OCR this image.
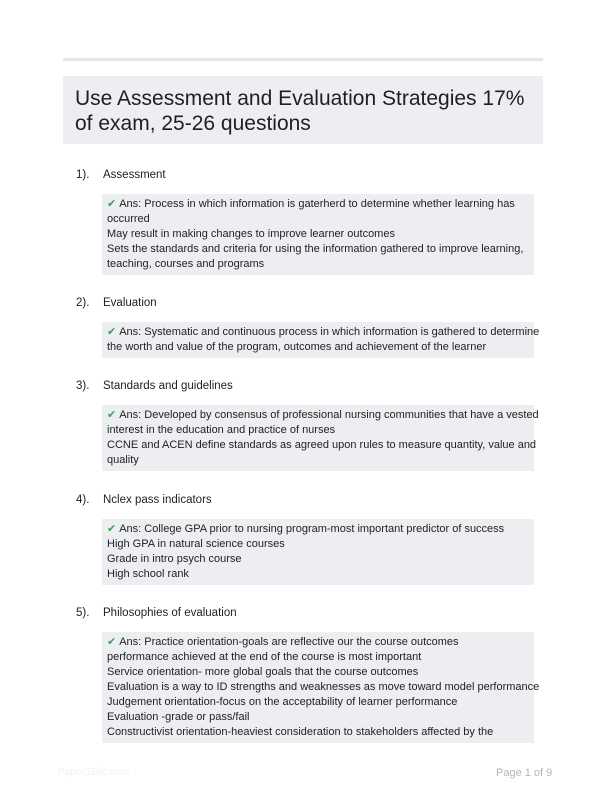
Use Assessment and Evaluation Strategies 17% of exam, 25-26 questions
1). Assessment
✔ Ans: Process in which information is gaterherd to determine whether learning has
occurred
May result in making changes to improve learner outcomes
Sets the standards and criteria for using the information gathered to improve learning,
teaching, courses and programs
2). Evaluation
✔ Ans: Systematic and continuous process in which information is gathered to determine
the worth and value of the program, outcomes and achievement of the learner
3). Standards and guidelines
✔ Ans: Developed by consensus of professional nursing communities that have a vested
interest in the education and practice of nurses
CCNE and ACEN define standards as agreed upon rules to measure quantity, value and
quality
4). Nclex pass indicators
✔ Ans: College GPA prior to nursing program-most important predictor of success
High GPA in natural science courses
Grade in intro psych course
High school rank
5). Philosophies of evaluation
✔ Ans: Practice orientation-goals are reflective our the course outcomes
performance achieved at the end of the course is most important
Service orientation- more global goals that the course outcomes
Evaluation is a way to ID strengths and weaknesses as move toward model performance
Judgement orientation-focus on the acceptability of learner performance
Evaluation -grade or pass/fail
Constructivist orientation-heaviest consideration to stakeholders affected by the
PaperSBlic.com	Page 1 of 9
